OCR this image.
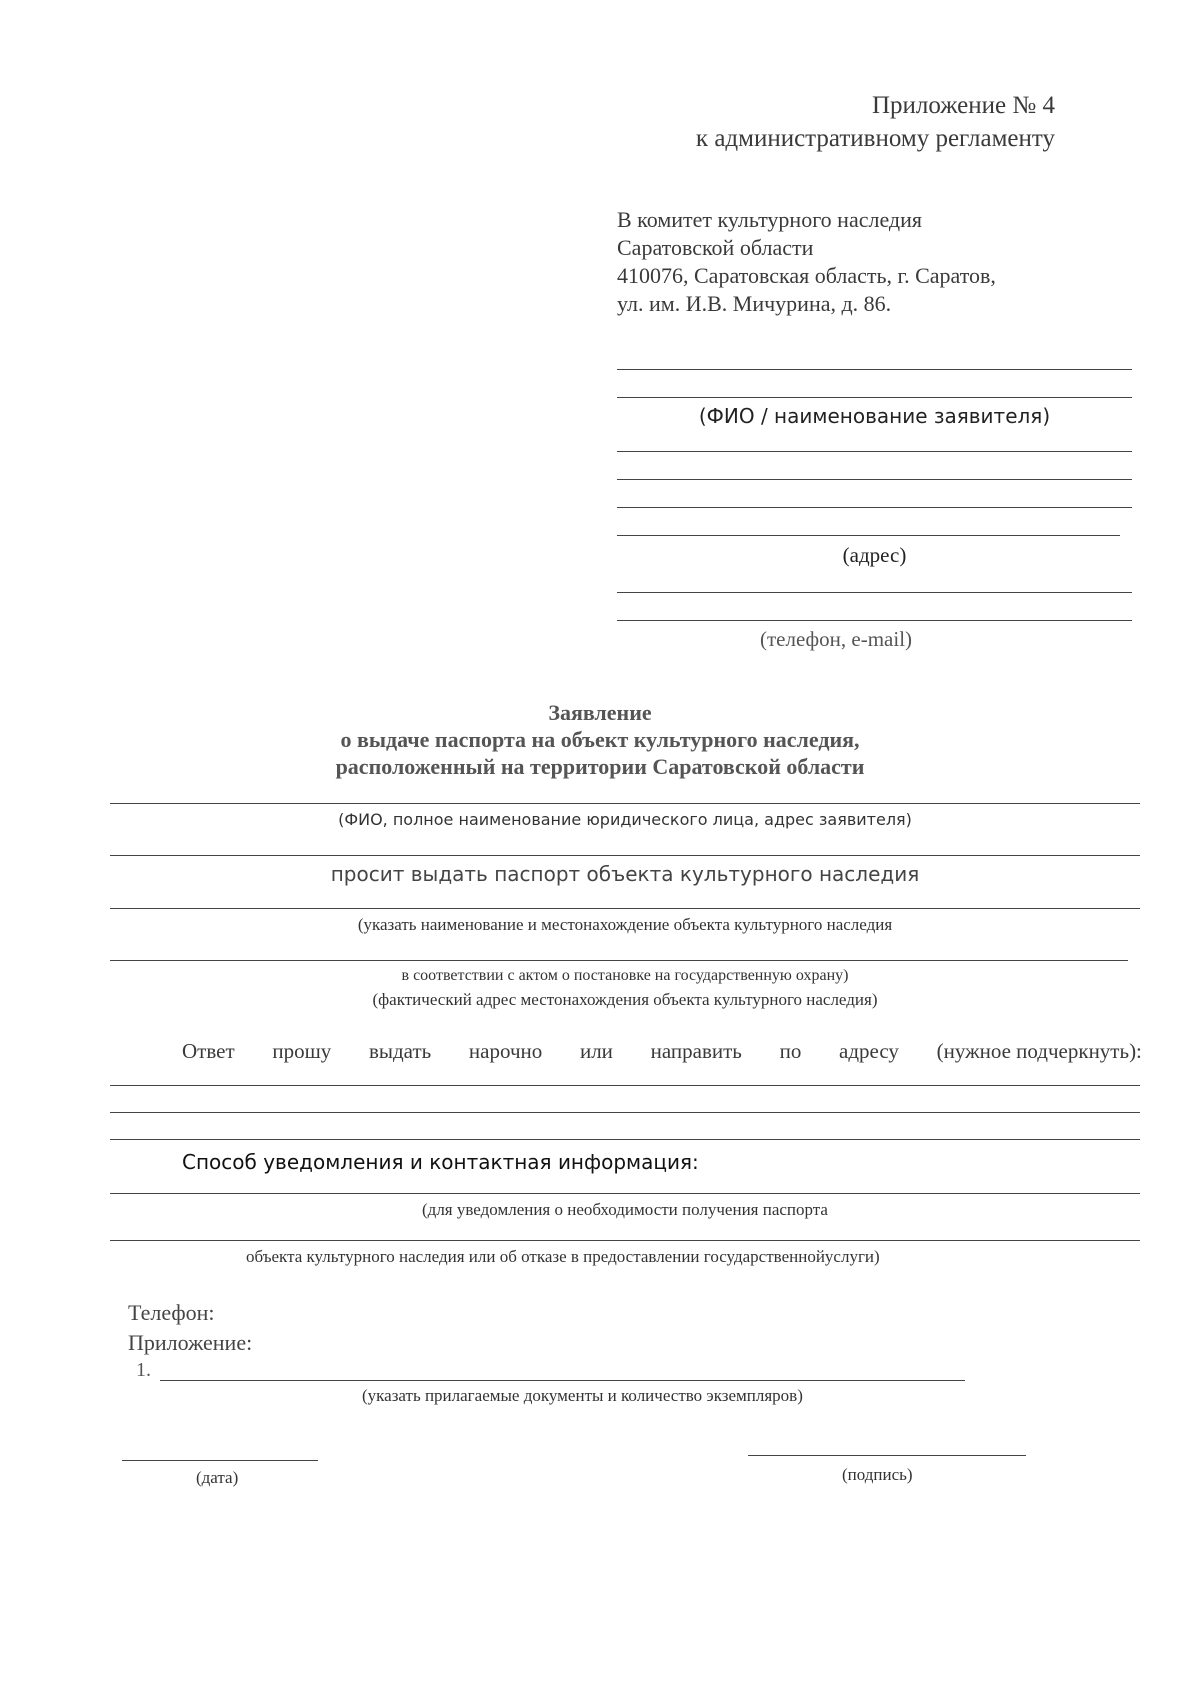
Приложение № 4
к административному регламенту
В комитет культурного наследия
Саратовской области
410076, Саратовская область, г. Саратов,
ул. им. И.В. Мичурина, д. 86.
(ФИО / наименование заявителя)
(адрес)
(телефон, e-mail)
Заявление
о выдаче паспорта на объект культурного наследия,
расположенный на территории Саратовской области
(ФИО, полное наименование юридического лица, адрес заявителя)
просит выдать паспорт объекта культурного наследия
(указать наименование и местонахождение объекта культурного наследия
в соответствии с актом о постановке на государственную охрану)
(фактический адрес местонахождения объекта культурного наследия)
Ответ прошу выдать нарочно или направить по адресу (нужное подчеркнуть):
Способ уведомления и контактная информация:
(для уведомления о необходимости получения паспорта
объекта культурного наследия или об отказе в предоставлении государственнойуслуги)
Телефон:
Приложение:
1.
(указать прилагаемые документы и количество экземпляров)
(дата)	(подпись)
